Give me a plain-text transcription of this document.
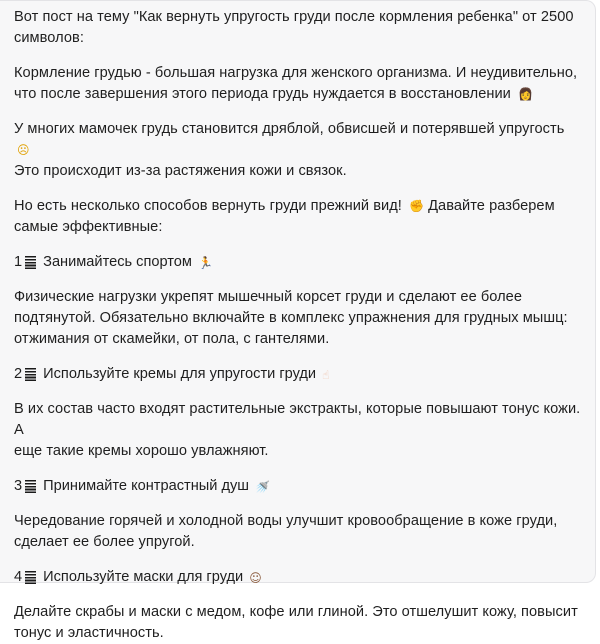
Вот пост на тему "Как вернуть упругость груди после кормления ребенка" от 2500
символов:

Кормление грудью - большая нагрузка для женского организма. И неудивительно,
что после завершения этого периода грудь нуждается в восстановлении 👩

У многих мамочек грудь становится дряблой, обвисшей и потерявшей упругость ☹
Это происходит из-за растяжения кожи и связок.

Но есть несколько способов вернуть груди прежний вид! ✊ Давайте разберем
самые эффективные:

1 Занимайтесь спортом 🏃

Физические нагрузки укрепят мышечный корсет груди и сделают ее более
подтянутой. Обязательно включайте в комплекс упражнения для грудных мышц:
отжимания от скамейки, от пола, с гантелями.

2 Используйте кремы для упругости груди ☝

В их состав часто входят растительные экстракты, которые повышают тонус кожи. А
еще такие кремы хорошо увлажняют.

3 Принимайте контрастный душ 🚿

Чередование горячей и холодной воды улучшит кровообращение в коже груди,
сделает ее более упругой.

4 Используйте маски для груди ☺

Делайте скрабы и маски с медом, кофе или глиной. Это отшелушит кожу, повысит
тонус и эластичность.
